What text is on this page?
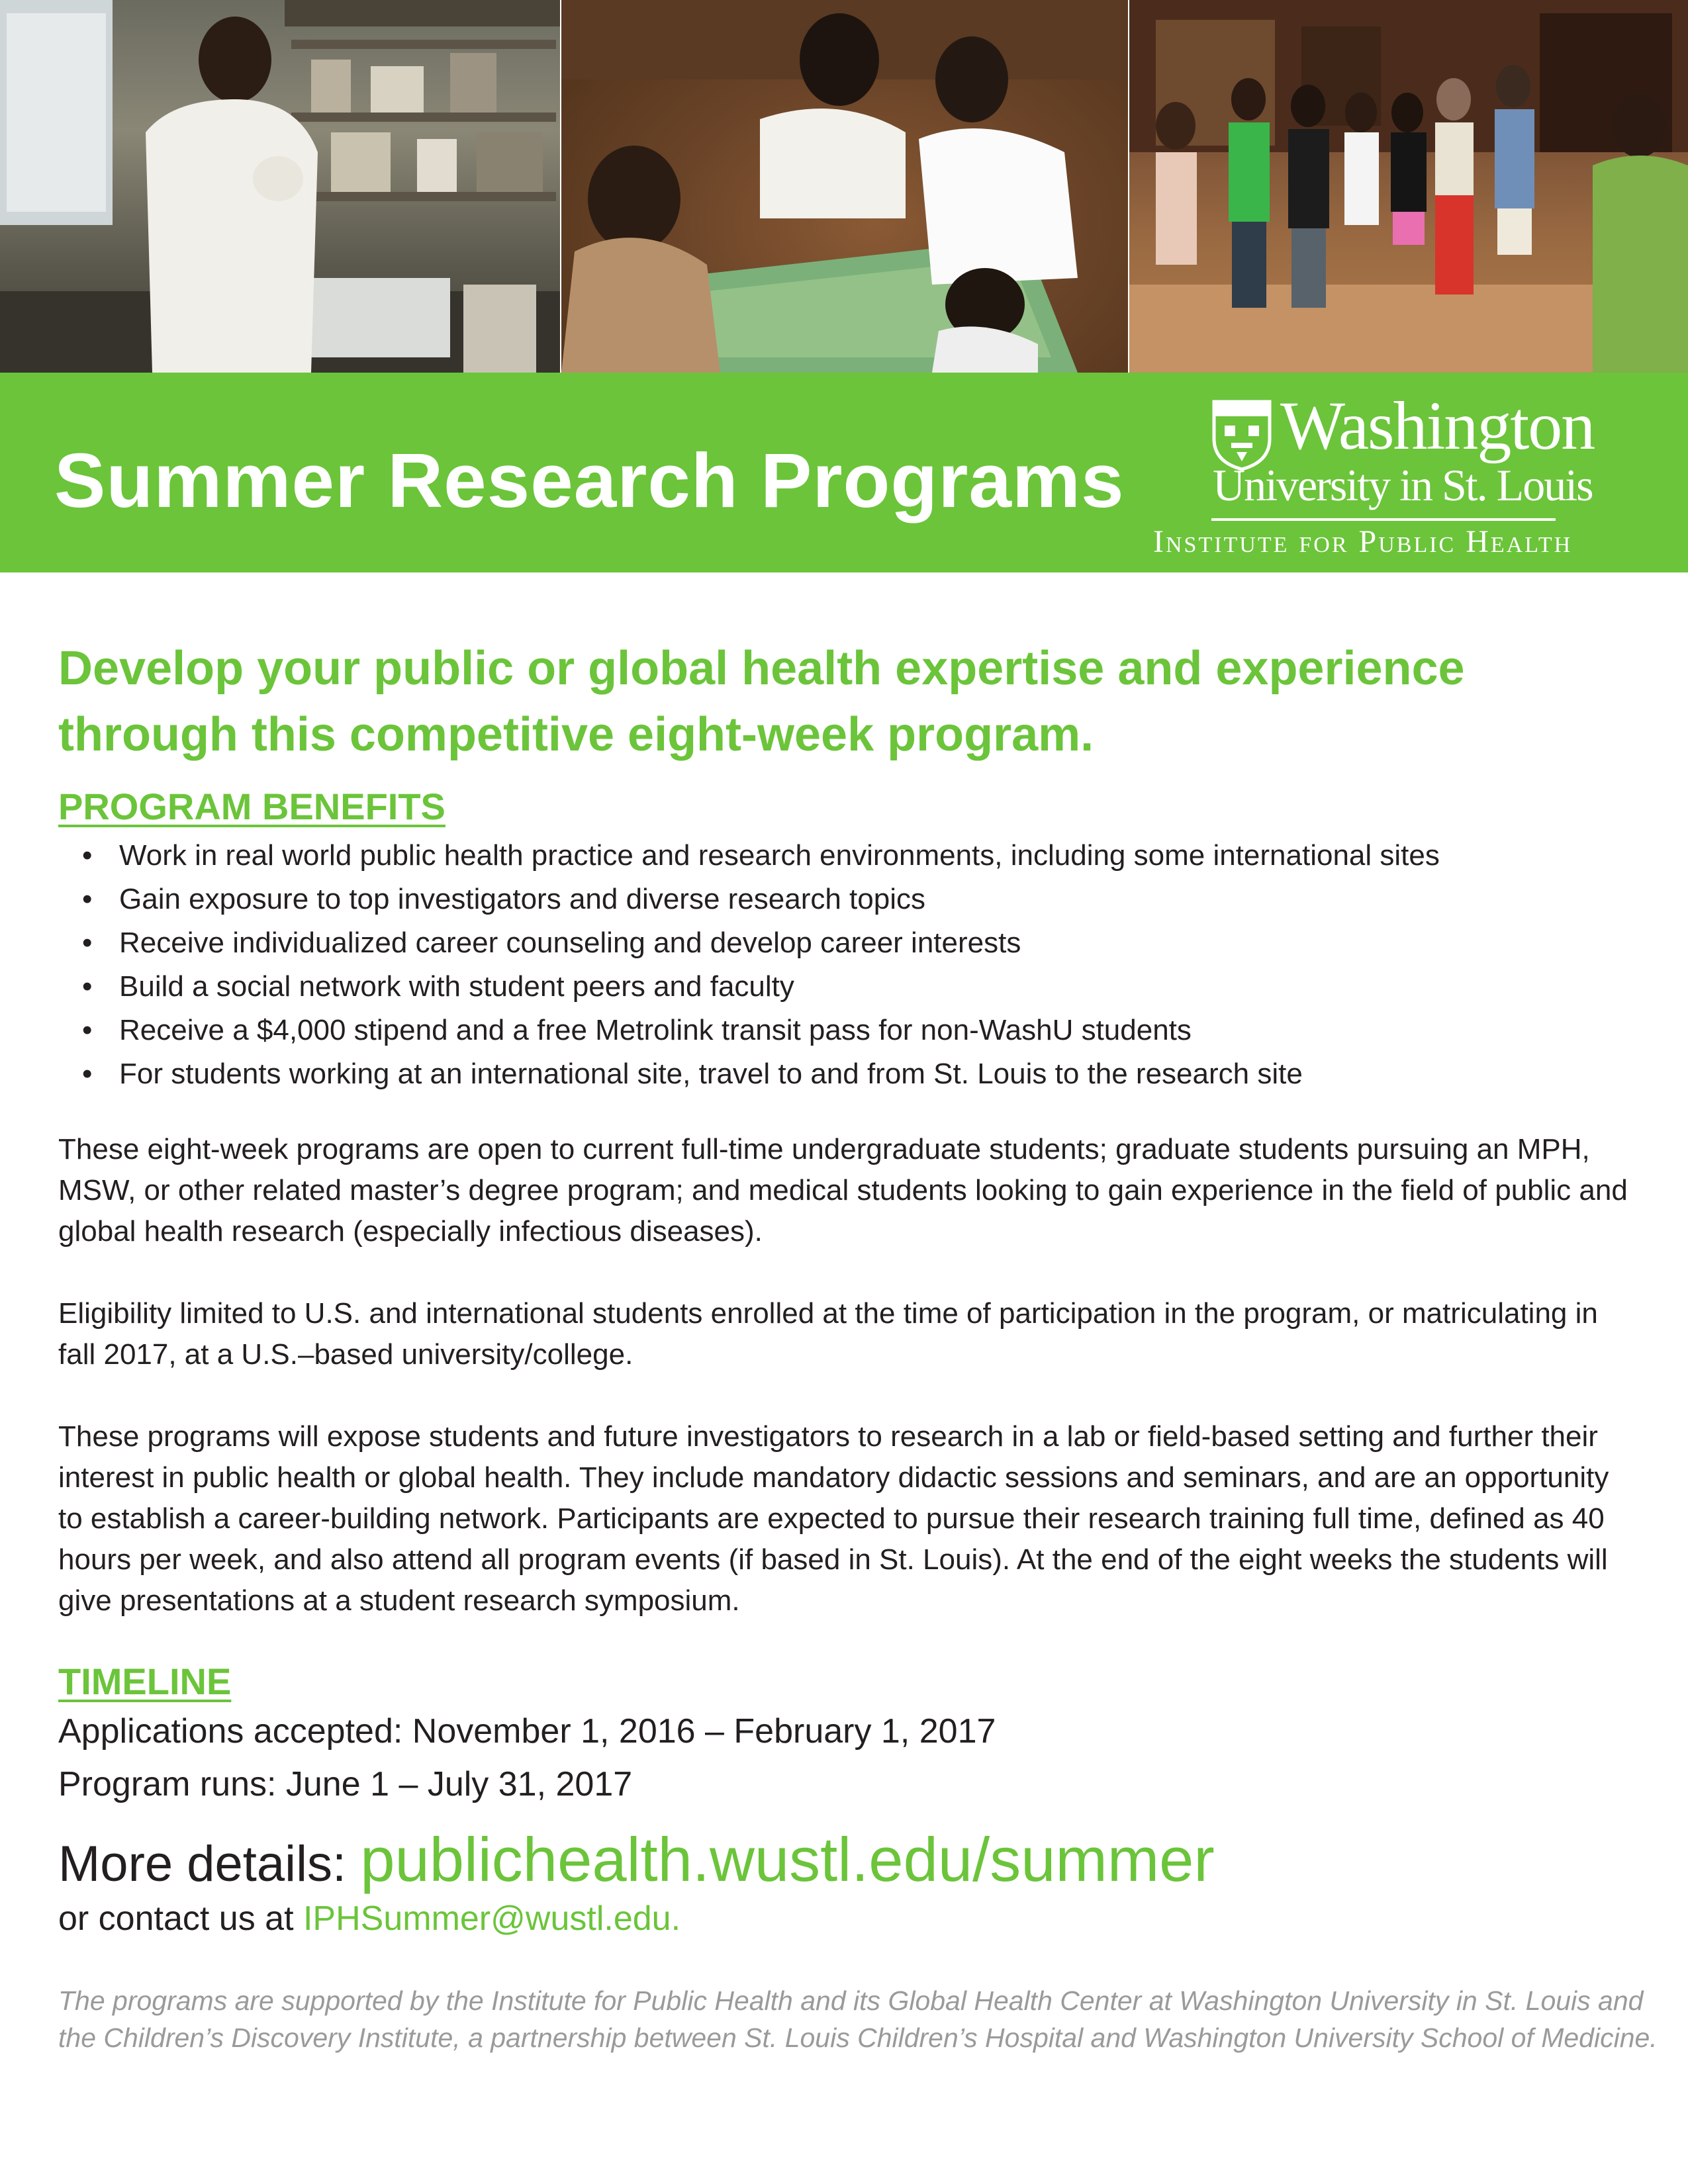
Summer Research Programs
Washington
University in St. Louis
Institute for Public Health

Develop your public or global health expertise and experience through this competitive eight-week program.

PROGRAM BENEFITS
• Work in real world public health practice and research environments, including some international sites
• Gain exposure to top investigators and diverse research topics
• Receive individualized career counseling and develop career interests
• Build a social network with student peers and faculty
• Receive a $4,000 stipend and a free Metrolink transit pass for non-WashU students
• For students working at an international site, travel to and from St. Louis to the research site

These eight-week programs are open to current full-time undergraduate students; graduate students pursuing an MPH, MSW, or other related master’s degree program; and medical students looking to gain experience in the field of public and global health research (especially infectious diseases).

Eligibility limited to U.S. and international students enrolled at the time of participation in the program, or matriculating in fall 2017, at a U.S.–based university/college.

These programs will expose students and future investigators to research in a lab or field-based setting and further their interest in public health or global health. They include mandatory didactic sessions and seminars, and are an opportunity to establish a career-building network. Participants are expected to pursue their research training full time, defined as 40 hours per week, and also attend all program events (if based in St. Louis). At the end of the eight weeks the students will give presentations at a student research symposium.

TIMELINE
Applications accepted: November 1, 2016 – February 1, 2017
Program runs: June 1 – July 31, 2017
More details: publichealth.wustl.edu/summer
or contact us at IPHSummer@wustl.edu.

The programs are supported by the Institute for Public Health and its Global Health Center at Washington University in St. Louis and the Children’s Discovery Institute, a partnership between St. Louis Children’s Hospital and Washington University School of Medicine.
